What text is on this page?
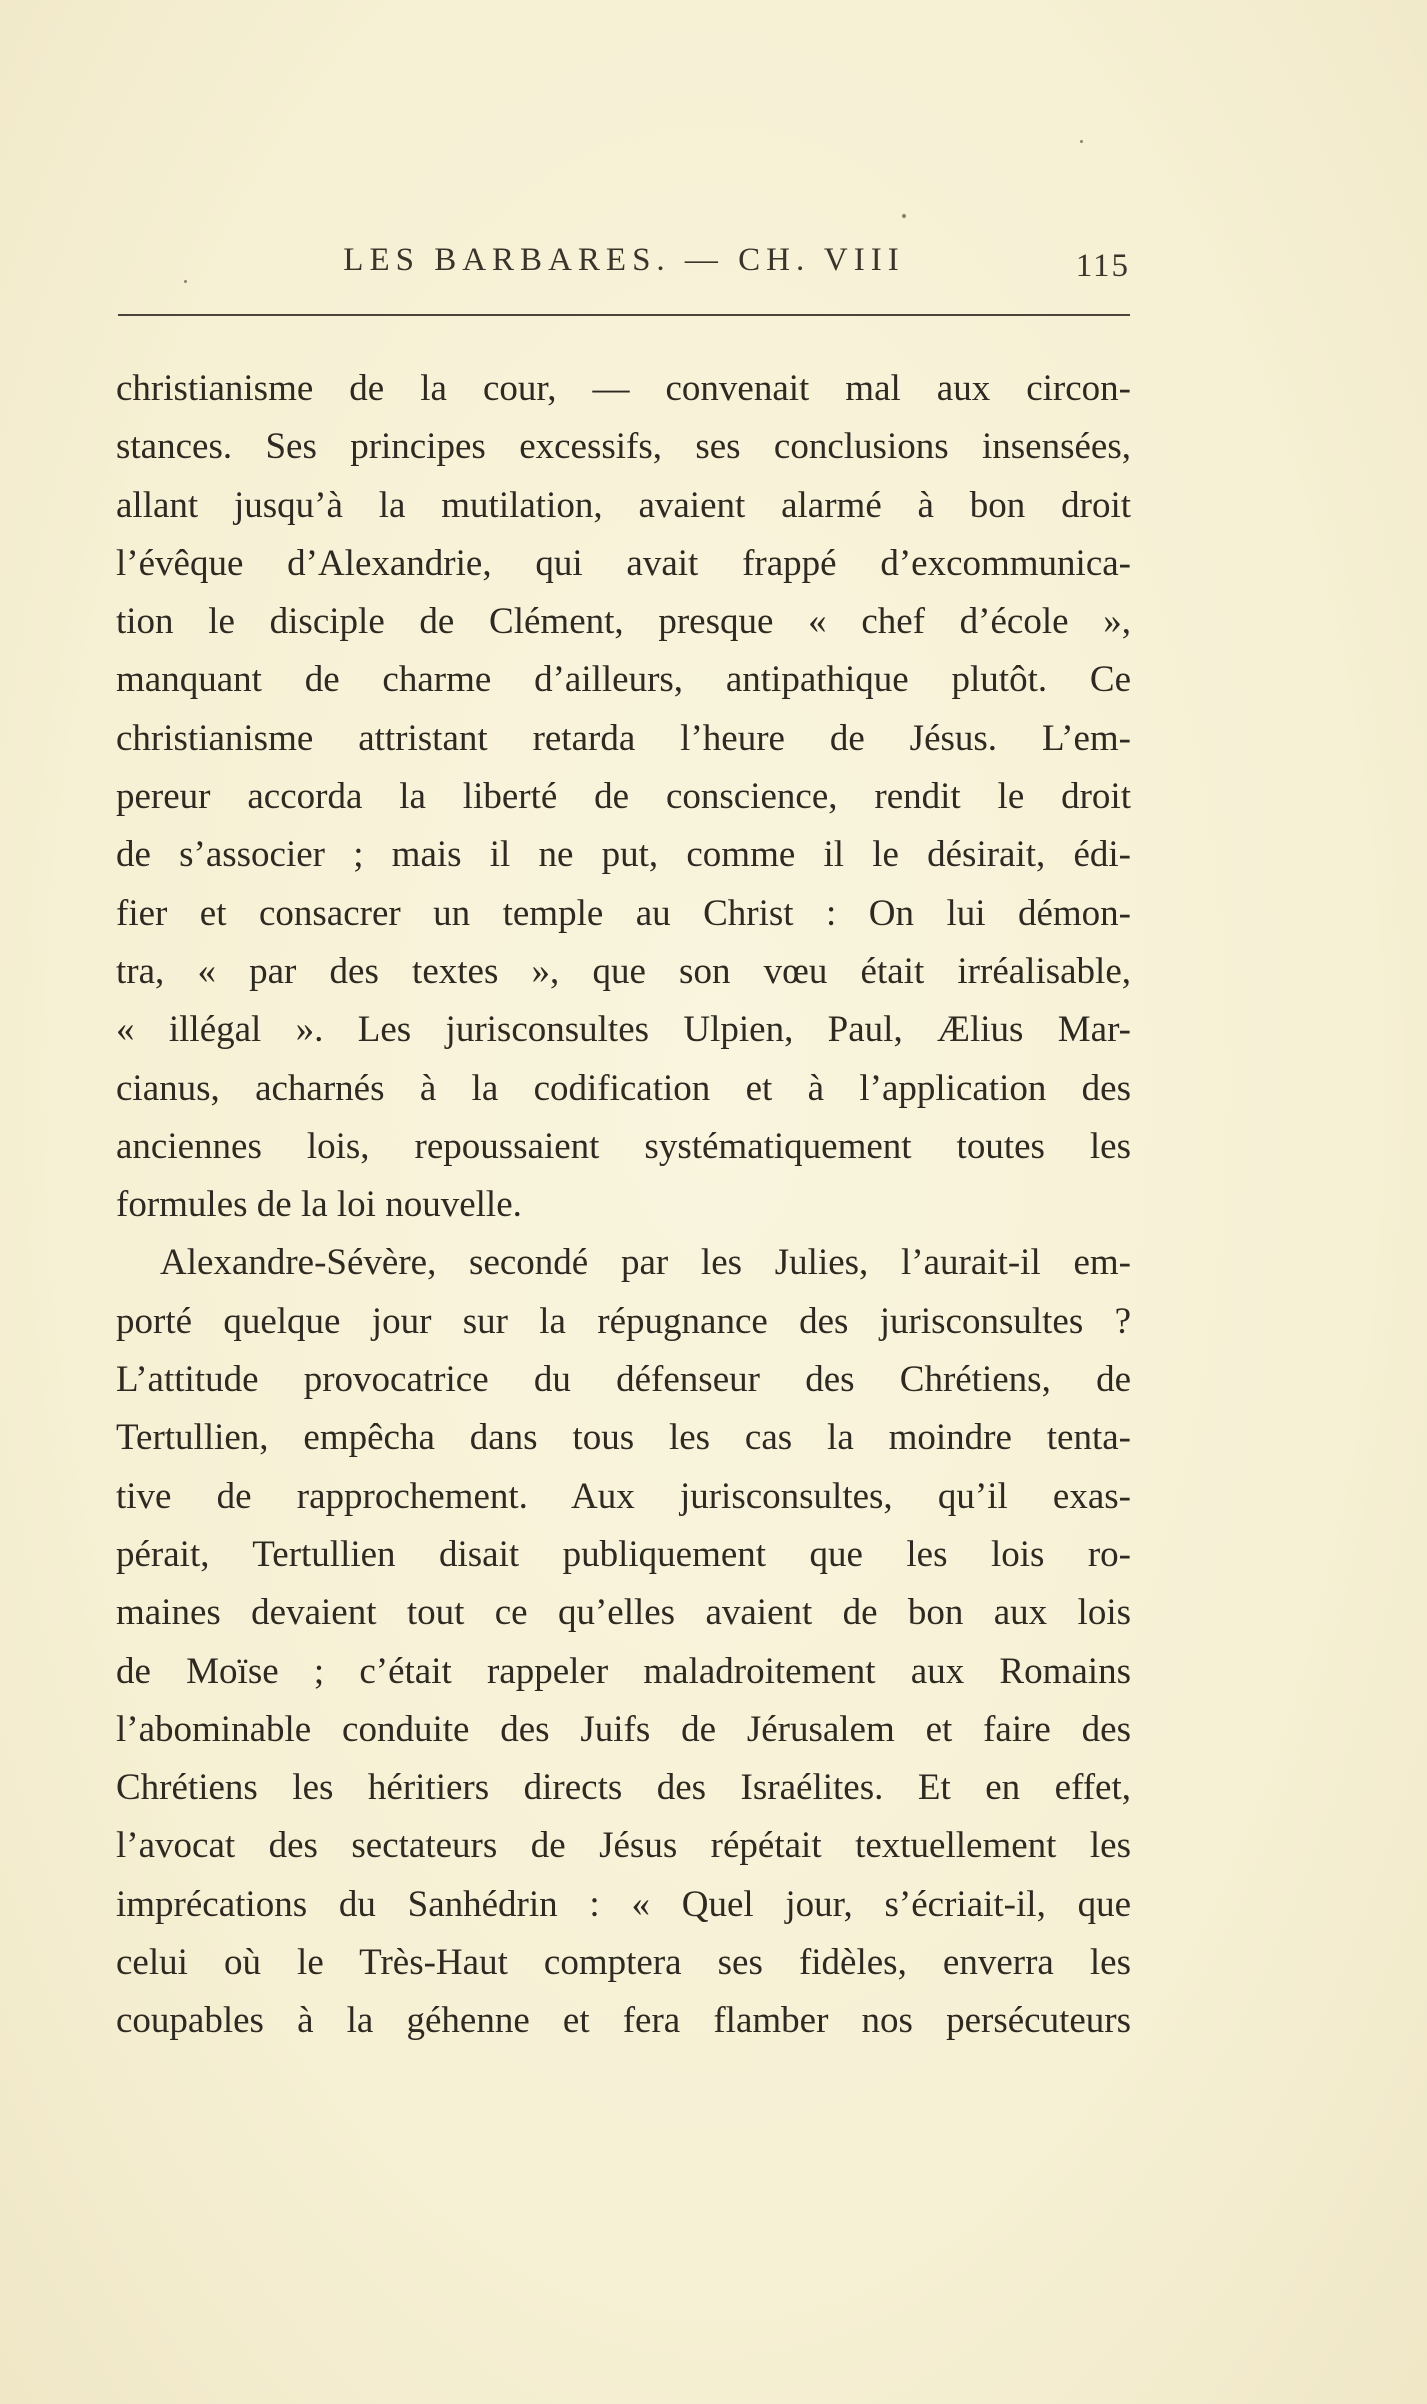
LES BARBARES. — CH. VIII	115
christianisme de la cour, — convenait mal aux circon-
stances. Ses principes excessifs, ses conclusions insensées,
allant jusqu’à la mutilation, avaient alarmé à bon droit
l’évêque d’Alexandrie, qui avait frappé d’excommunica-
tion le disciple de Clément, presque « chef d’école »,
manquant de charme d’ailleurs, antipathique plutôt. Ce
christianisme attristant retarda l’heure de Jésus. L’em-
pereur accorda la liberté de conscience, rendit le droit
de s’associer ; mais il ne put, comme il le désirait, édi-
fier et consacrer un temple au Christ : On lui démon-
tra, « par des textes », que son vœu était irréalisable,
« illégal ». Les jurisconsultes Ulpien, Paul, Ælius Mar-
cianus, acharnés à la codification et à l’application des
anciennes lois, repoussaient systématiquement toutes les
formules de la loi nouvelle.
Alexandre-Sévère, secondé par les Julies, l’aurait-il em-
porté quelque jour sur la répugnance des jurisconsultes ?
L’attitude provocatrice du défenseur des Chrétiens, de
Tertullien, empêcha dans tous les cas la moindre tenta-
tive de rapprochement. Aux jurisconsultes, qu’il exas-
pérait, Tertullien disait publiquement que les lois ro-
maines devaient tout ce qu’elles avaient de bon aux lois
de Moïse ; c’était rappeler maladroitement aux Romains
l’abominable conduite des Juifs de Jérusalem et faire des
Chrétiens les héritiers directs des Israélites. Et en effet,
l’avocat des sectateurs de Jésus répétait textuellement les
imprécations du Sanhédrin : « Quel jour, s’écriait-il, que
celui où le Très-Haut comptera ses fidèles, enverra les
coupables à la géhenne et fera flamber nos persécuteurs
